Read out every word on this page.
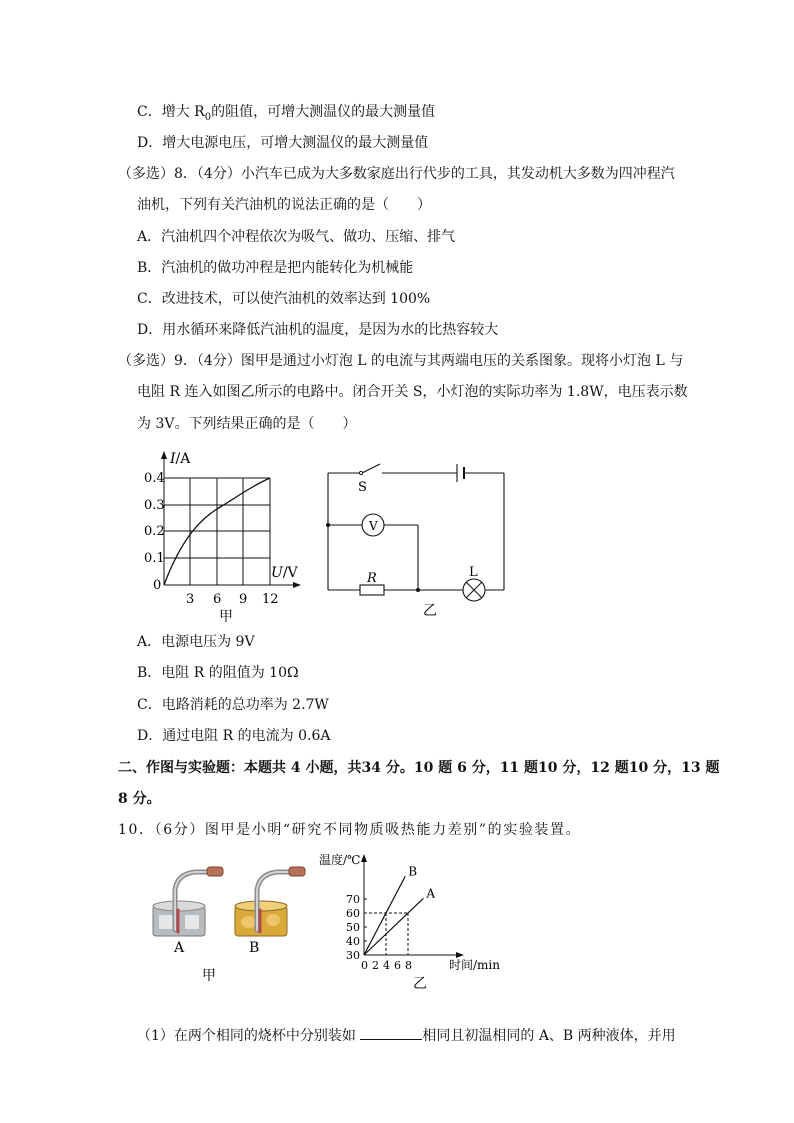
C．增大 $R_0$的阻值，可增大测温仪的最大测量值
D．增大电源电压，可增大测温仪的最大测量值
（多选）8．（4分）小汽车已成为大多数家庭出行代步的工具，其发动机大多数为四冲程汽
油机，下列有关汽油机的说法正确的是（　　）
A．汽油机四个冲程依次为吸气、做功、压缩、排气
B．汽油机的做功冲程是把内能转化为机械能
C．改进技术，可以使汽油机的效率达到 100%
D．用水循环来降低汽油机的温度，是因为水的比热容较大
（多选）9．（4分）图甲是通过小灯泡 L 的电流与其两端电压的关系图象。现将小灯泡 L 与
电阻 R 连入如图乙所示的电路中。闭合开关 S，小灯泡的实际功率为 1.8W，电压表示数
为 3V。下列结果正确的是（　　）
I/A
0.4
0.3
0.2
0.1
0
3 6 9 12
U/V
甲
S
V
R	L
乙
A．电源电压为 9V
B．电阻 R 的阻值为 10Ω
C．电路消耗的总功率为 2.7W
D．通过电阻 R 的电流为 0.6A
二、作图与实验题：本题共 4 小题，共34 分。10 题 6 分，11 题10 分，12 题10 分，13 题
8 分。
10．（6分）图甲是小明“研究不同物质吸热能力差别”的实验装置。
A	B
甲
温度/℃
时间/min
30
40
50
60
70
0 2 4 6 8
B
A
乙
（1）在两个相同的烧杯中分别装如	相同且初温相同的 A、B 两种液体，并用
